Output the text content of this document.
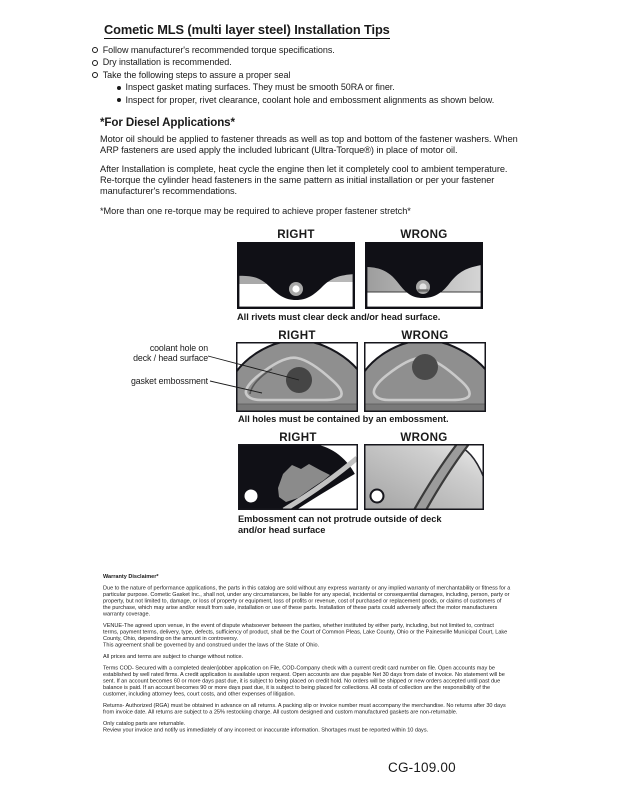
Cometic MLS (multi layer steel) Installation Tips
Follow manufacturer's recommended torque specifications.
Dry installation is recommended.
Take the following steps to assure a proper seal
Inspect gasket mating surfaces. They must be smooth 50RA or finer.
Inspect for proper, rivet clearance, coolant hole and embossment alignments as shown below.
*For Diesel Applications*

Motor oil should be applied to fastener threads as well as top and bottom of the fastener washers. When ARP fasteners are used apply the included lubricant (Ultra-Torque®) in place of motor oil.

After Installation is complete, heat cycle the engine then let it completely cool to ambient temperature. Re-torque the cylinder head fasteners in the same pattern as initial installation or per your fastener manufacturer's recommendations.

*More than one re-torque may be required to achieve proper fastener stretch*

RIGHT	WRONG
All rivets must clear deck and/or head surface.
RIGHT	WRONG
All holes must be contained by an embossment.
coolant hole on
deck / head surface
gasket embossment
RIGHT	WRONG
Embossment can not protrude outside of deck and/or head surface

Warranty Disclaimer*

Due to the nature of performance applications, the parts in this catalog are sold without any express warranty or any implied warranty of merchantability or fitness for a particular purpose. Cometic Gasket Inc., shall not, under any circumstances, be liable for any special, incidental or consequential damages, including, person, party or property, but not limited to, damage, or loss of property or equipment, loss of profits or revenue, cost of purchased or replacement goods, or claims of customers of the purchase, which may arise and/or result from sale, installation or use of these parts. Installation of these parts could adversely affect the motor manufacturers warranty coverage.

VENUE-The agreed upon venue, in the event of dispute whatsoever between the parties, whether instituted by either party, including, but not limited to, contract terms, payment terms, delivery, type, defects, sufficiency of product, shall be the Court of Common Pleas, Lake County, Ohio or the Painesville Municipal Court, Lake County, Ohio, depending on the amount in controversy.

This agreement shall be governed by and construed under the laws of the State of Ohio.

All prices and terms are subject to change without notice.

Terms COD- Secured with a completed dealer/jobber application on File, COD-Company check with a current credit card number on file. Open accounts may be established by well rated firms. A credit application is available upon request. Open accounts are due payable Net 30 days from date of invoice. No statement will be sent. If an account becomes 60 or more days past due, it is subject to being placed on credit hold. No orders will be shipped or new orders accepted until past due balance is paid. If an account becomes 90 or more days past due, it is subject to being placed for collections. All costs of collection are the responsibility of the customer, including attorney fees, court costs, and other expenses of litigation.

Returns- Authorized (RGA) must be obtained in advance on all returns. A packing slip or invoice number must accompany the merchandise. No returns after 30 days from invoice date. All returns are subject to a 25% restocking charge. All custom designed and custom manufactured gaskets are non-returnable.

Only catalog parts are returnable.

Review your invoice and notify us immediately of any incorrect or inaccurate information. Shortages must be reported within 10 days.

CG-109.00
